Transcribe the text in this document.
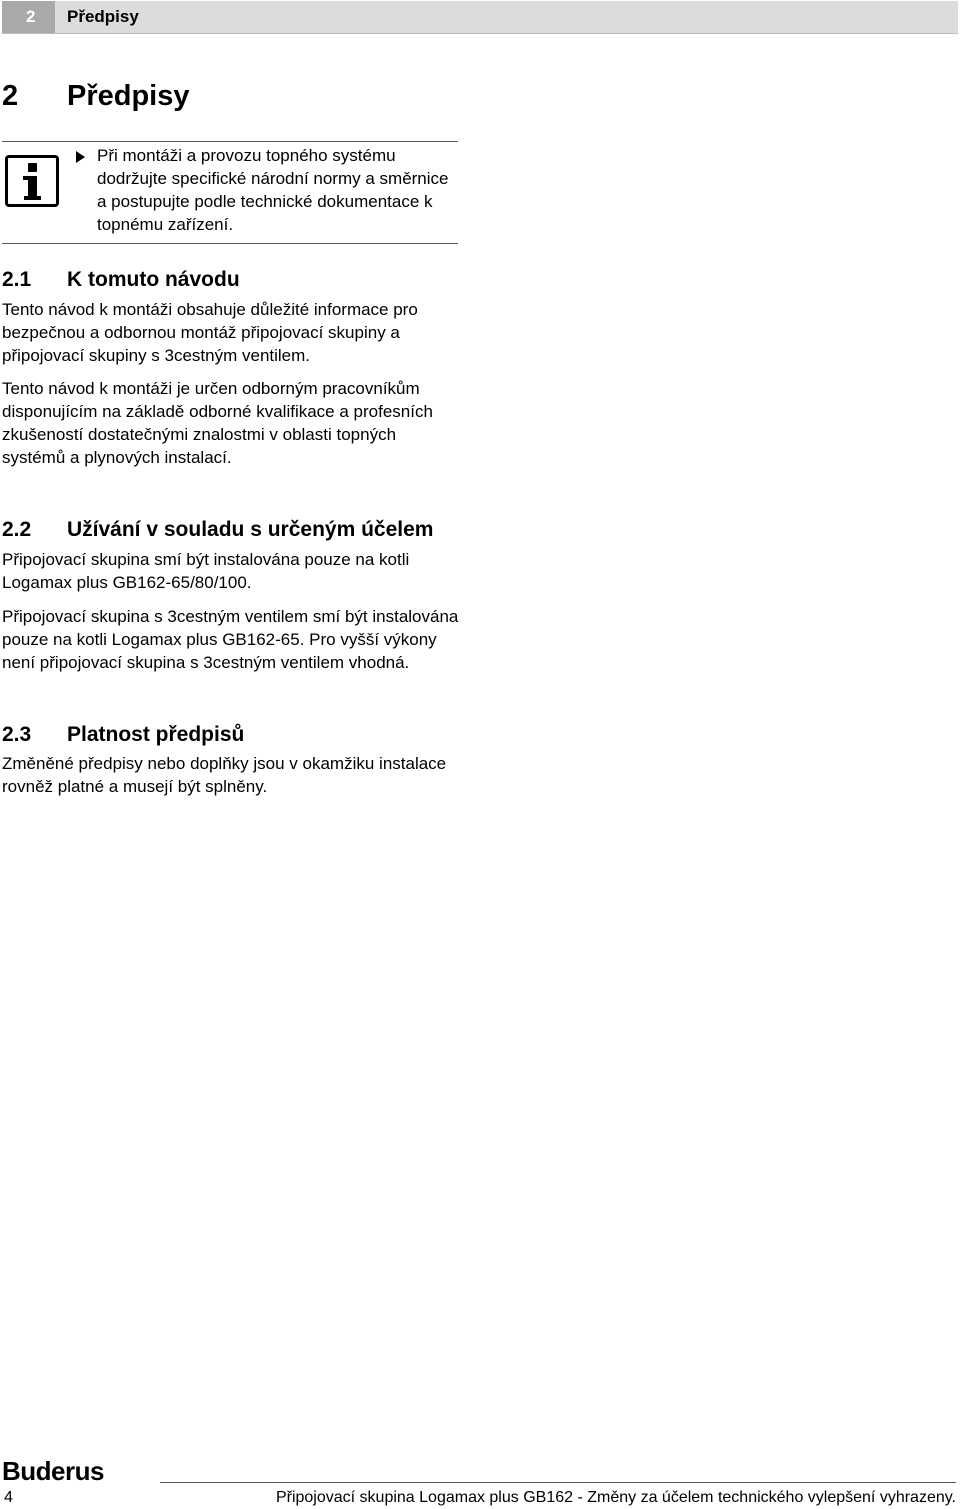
2	Předpisy
2 Předpisy
Při montáži a provozu topného systému dodržujte specifické národní normy a směrnice a postupujte podle technické dokumentace k topnému zařízení.
2.1 K tomuto návodu
Tento návod k montáži obsahuje důležité informace pro bezpečnou a odbornou montáž připojovací skupiny a připojovací skupiny s 3cestným ventilem.
Tento návod k montáži je určen odborným pracovníkům disponujícím na základě odborné kvalifikace a profesních zkušeností dostatečnými znalostmi v oblasti topných systémů a plynových instalací.
2.2 Užívání v souladu s určeným účelem
Připojovací skupina smí být instalována pouze na kotli Logamax plus GB162-65/80/100.
Připojovací skupina s 3cestným ventilem smí být instalována pouze na kotli Logamax plus GB162-65. Pro vyšší výkony není připojovací skupina s 3cestným ventilem vhodná.
2.3 Platnost předpisů
Změněné předpisy nebo doplňky jsou v okamžiku instalace rovněž platné a musejí být splněny.
Buderus
4	Připojovací skupina Logamax plus GB162 - Změny za účelem technického vylepšení vyhrazeny.
